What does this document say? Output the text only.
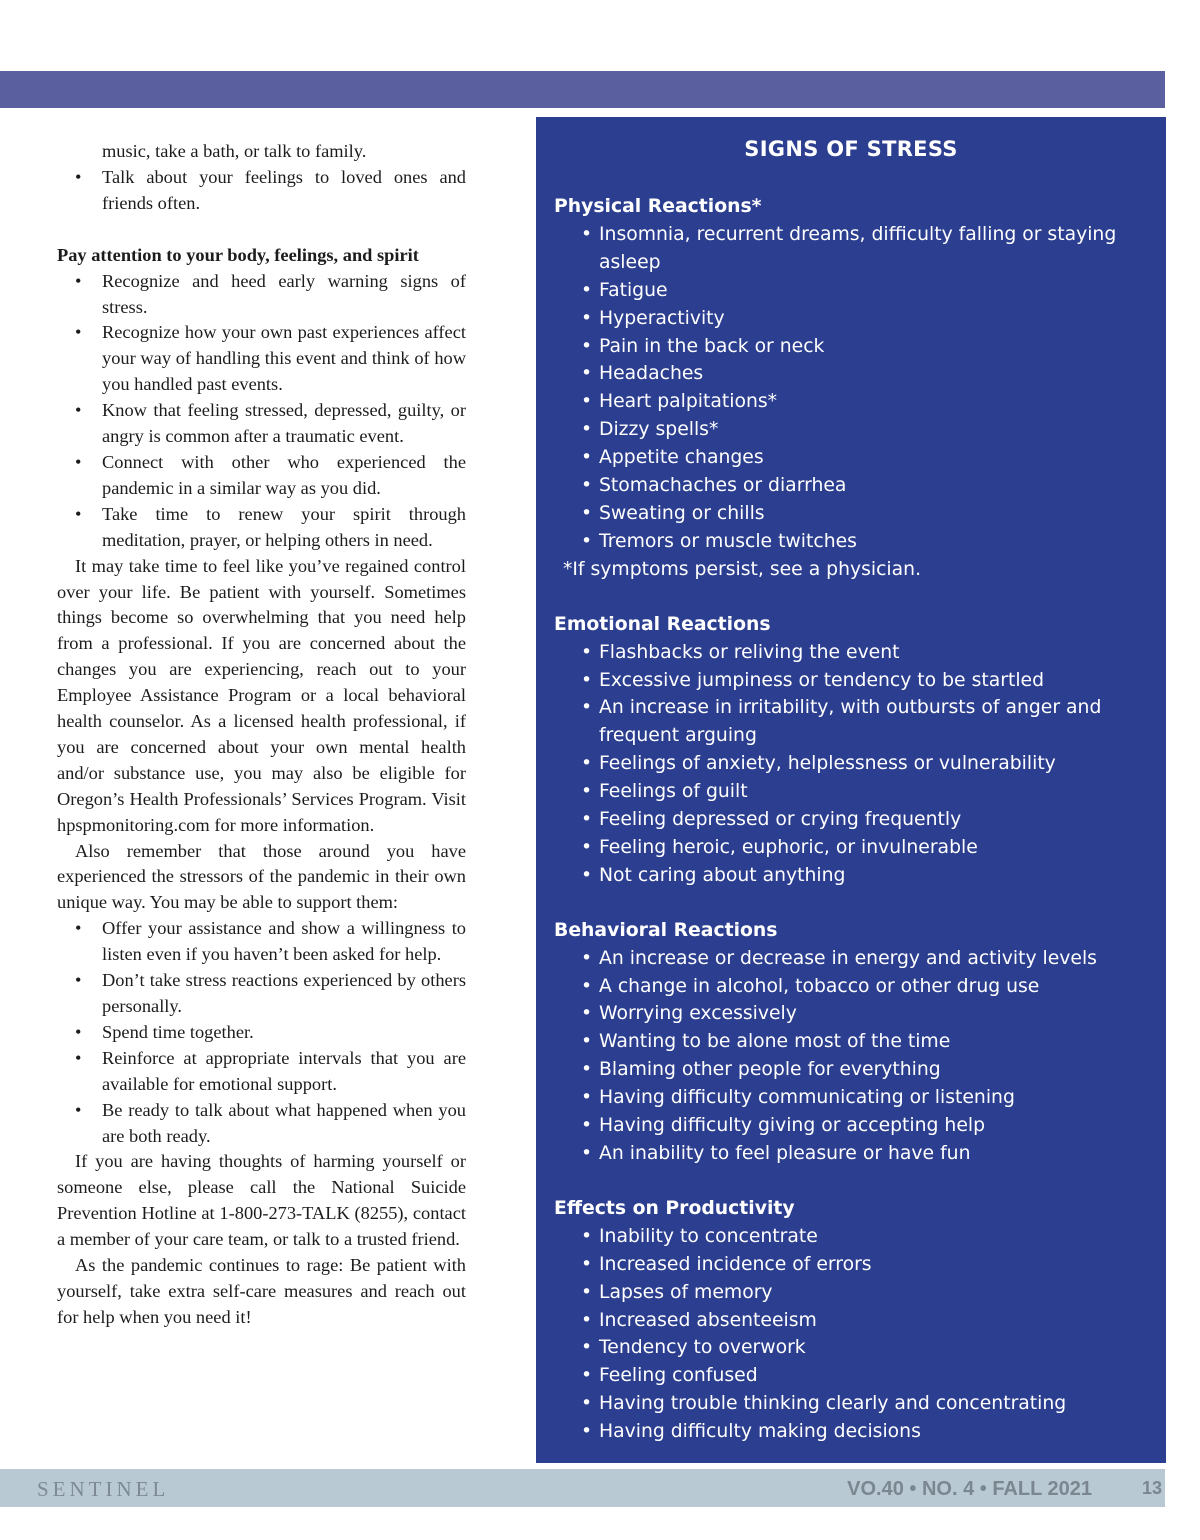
music, take a bath, or talk to family.
• Talk about your feelings to loved ones and friends often.
Pay attention to your body, feelings, and spirit
• Recognize and heed early warning signs of stress.
• Recognize how your own past experiences affect your way of handling this event and think of how you handled past events.
• Know that feeling stressed, depressed, guilty, or angry is common after a traumatic event.
• Connect with other who experienced the pandemic in a similar way as you did.
• Take time to renew your spirit through meditation, prayer, or helping others in need.

It may take time to feel like you’ve regained control over your life. Be patient with yourself. Sometimes things become so overwhelming that you need help from a professional. If you are concerned about the changes you are experiencing, reach out to your Employee Assistance Program or a local behavioral health counselor. As a licensed health professional, if you are concerned about your own mental health and/or substance use, you may also be eligible for Oregon’s Health Professionals’ Services Program. Visit hpspmonitoring.com for more information.

Also remember that those around you have experienced the stressors of the pandemic in their own unique way. You may be able to support them:

• Offer your assistance and show a willingness to listen even if you haven’t been asked for help.
• Don’t take stress reactions experienced by others personally.
• Spend time together.
• Reinforce at appropriate intervals that you are available for emotional support.
• Be ready to talk about what happened when you are both ready.

If you are having thoughts of harming yourself or someone else, please call the National Suicide Prevention Hotline at 1-800-273-TALK (8255), contact a member of your care team, or talk to a trusted friend.

As the pandemic continues to rage: Be patient with yourself, take extra self-care measures and reach out for help when you need it!

SIGNS OF STRESS
Physical Reactions*
• Insomnia, recurrent dreams, difficulty falling or staying asleep
• Fatigue
• Hyperactivity
• Pain in the back or neck
• Headaches
• Heart palpitations*
• Dizzy spells*
• Appetite changes
• Stomachaches or diarrhea
• Sweating or chills
• Tremors or muscle twitches
*If symptoms persist, see a physician.
Emotional Reactions
• Flashbacks or reliving the event
• Excessive jumpiness or tendency to be startled
• An increase in irritability, with outbursts of anger and frequent arguing
• Feelings of anxiety, helplessness or vulnerability
• Feelings of guilt
• Feeling depressed or crying frequently
• Feeling heroic, euphoric, or invulnerable
• Not caring about anything
Behavioral Reactions
• An increase or decrease in energy and activity levels
• A change in alcohol, tobacco or other drug use
• Worrying excessively
• Wanting to be alone most of the time
• Blaming other people for everything
• Having difficulty communicating or listening
• Having difficulty giving or accepting help
• An inability to feel pleasure or have fun
Effects on Productivity
• Inability to concentrate
• Increased incidence of errors
• Lapses of memory
• Increased absenteeism
• Tendency to overwork
• Feeling confused
• Having trouble thinking clearly and concentrating
• Having difficulty making decisions
SENTINEL	VO.40 • NO. 4 • FALL 2021	13
